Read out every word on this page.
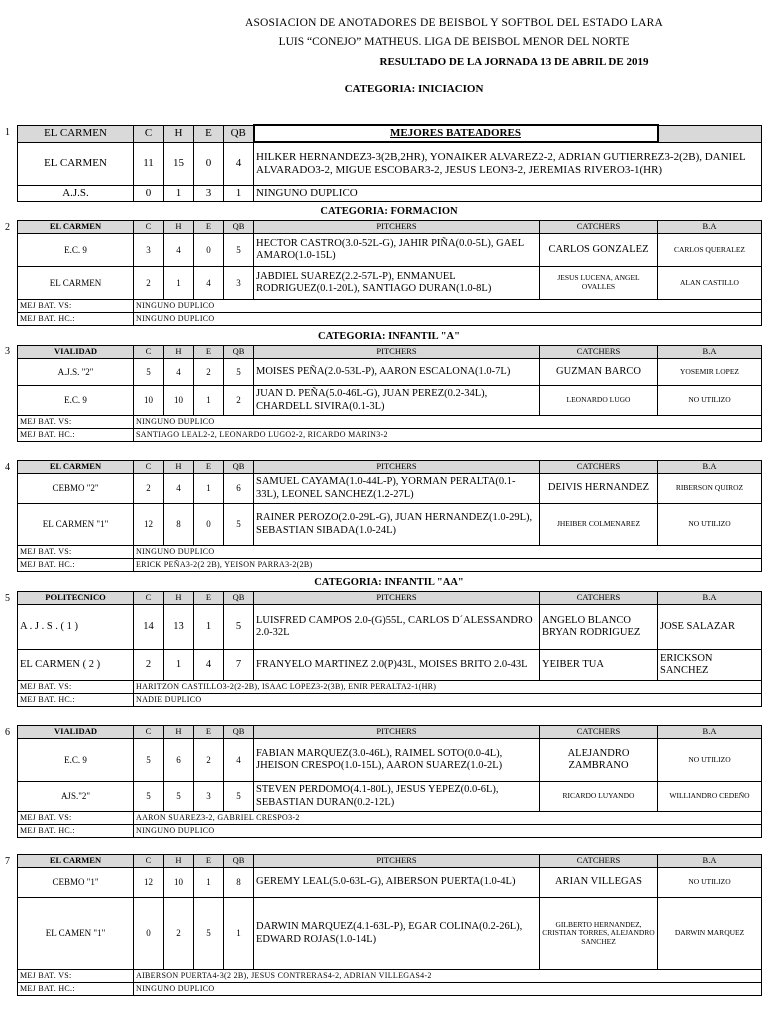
ASOSIACION DE ANOTADORES DE BEISBOL Y SOFTBOL DEL ESTADO LARA
LUIS “CONEJO” MATHEUS. LIGA DE BEISBOL MENOR DEL NORTE
RESULTADO DE LA JORNADA 13 DE ABRIL DE 2019
CATEGORIA: INICIACION
1	EL CARMEN	C	H	E	QB	MEJORES BATEADORES	
EL CARMEN	11	15	0	4	HILKER HERNANDEZ3-3(2B,2HR), YONAIKER ALVAREZ2-2, ADRIAN GUTIERREZ3-2(2B), DANIEL ALVARADO3-2, MIGUE ESCOBAR3-2, JESUS LEON3-2, JEREMIAS RIVERO3-1(HR)	
A.J.S.	0	1	3	1	NINGUNO DUPLICO	
CATEGORIA: FORMACION
2	EL CARMEN	C	H	E	QB	PITCHERS	CATCHERS	B.A
E.C. 9	3	4	0	5	HECTOR CASTRO(3.0-52L-G), JAHIR PIÑA(0.0-5L), GAEL AMARO(1.0-15L)	CARLOS GONZALEZ	CARLOS QUERALEZ
EL CARMEN	2	1	4	3	JABDIEL SUAREZ(2.2-57L-P), ENMANUEL RODRIGUEZ(0.1-20L), SANTIAGO DURAN(1.0-8L)	JESUS LUCENA, ANGEL OVALLES	ALAN CASTILLO
MEJ BAT. VS:	NINGUNO DUPLICO						
MEJ BAT. HC.:	NINGUNO DUPLICO						
CATEGORIA: INFANTIL "A"
3	VIALIDAD	C	H	E	QB	PITCHERS	CATCHERS	B.A
A.J.S. "2"	5	4	2	5	MOISES PEÑA(2.0-53L-P), AARON ESCALONA(1.0-7L)	GUZMAN BARCO	YOSEMIR LOPEZ
E.C. 9	10	10	1	2	JUAN D. PEÑA(5.0-46L-G), JUAN PEREZ(0.2-34L), CHARDELL SIVIRA(0.1-3L)	LEONARDO LUGO	NO UTILIZO
MEJ BAT. VS:	NINGUNO DUPLICO						
MEJ BAT. HC.:	SANTIAGO LEAL2-2, LEONARDO LUGO2-2, RICARDO MARIN3-2						
4	EL CARMEN	C	H	E	QB	PITCHERS	CATCHERS	B.A
CEBMO "2"	2	4	1	6	SAMUEL CAYAMA(1.0-44L-P), YORMAN PERALTA(0.1-33L), LEONEL SANCHEZ(1.2-27L)	DEIVIS HERNANDEZ	RIBERSON QUIROZ
EL CARMEN "1"	12	8	0	5	RAINER PEROZO(2.0-29L-G), JUAN HERNANDEZ(1.0-29L), SEBASTIAN SIBADA(1.0-24L)	JHEIBER COLMENAREZ	NO UTILIZO
MEJ BAT. VS:	NINGUNO DUPLICO						
MEJ BAT. HC.:	ERICK PEÑA3-2(2 2B), YEISON PARRA3-2(2B)						
CATEGORIA: INFANTIL "AA"
5	POLITECNICO	C	H	E	QB	PITCHERS	CATCHERS	B.A
A . J . S . ( 1 )	14	13	1	5	LUISFRED CAMPOS 2.0-(G)55L, CARLOS D´ALESSANDRO 2.0-32L	ANGELO BLANCO BRYAN RODRIGUEZ	JOSE SALAZAR
EL CARMEN ( 2 )	2	1	4	7	FRANYELO MARTINEZ 2.0(P)43L, MOISES BRITO 2.0-43L	YEIBER TUA	ERICKSON SANCHEZ
MEJ BAT. VS:	HARITZON CASTILLO3-2(2-2B), ISAAC LOPEZ3-2(3B), ENIR PERALTA2-1(HR)						
MEJ BAT. HC.:	NADIE DUPLICO						
6	VIALIDAD	C	H	E	QB	PITCHERS	CATCHERS	B.A
E.C. 9	5	6	2	4	FABIAN MARQUEZ(3.0-46L), RAIMEL SOTO(0.0-4L), JHEISON CRESPO(1.0-15L), AARON SUAREZ(1.0-2L)	ALEJANDRO ZAMBRANO	NO UTILIZO
AJS."2"	5	5	3	5	STEVEN PERDOMO(4.1-80L), JESUS YEPEZ(0.0-6L), SEBASTIAN DURAN(0.2-12L)	RICARDO LUYANDO	WILLIANDRO CEDEÑO
MEJ BAT. VS:	AARON SUAREZ3-2, GABRIEL CRESPO3-2						
MEJ BAT. HC.:	NINGUNO DUPLICO						
7	EL CARMEN	C	H	E	QB	PITCHERS	CATCHERS	B.A
CEBMO "1"	12	10	1	8	GEREMY LEAL(5.0-63L-G), AIBERSON PUERTA(1.0-4L)	ARIAN VILLEGAS	NO UTILIZO
EL CAMEN "1"	0	2	5	1	DARWIN MARQUEZ(4.1-63L-P), EGAR COLINA(0.2-26L), EDWARD ROJAS(1.0-14L)	GILBERTO HERNANDEZ, CRISTIAN TORRES, ALEJANDRO SANCHEZ	DARWIN MARQUEZ
MEJ BAT. VS:	AIBERSON PUERTA4-3(2 2B), JESUS CONTRERAS4-2, ADRIAN VILLEGAS4-2						
MEJ BAT. HC.:	NINGUNO DUPLICO						
